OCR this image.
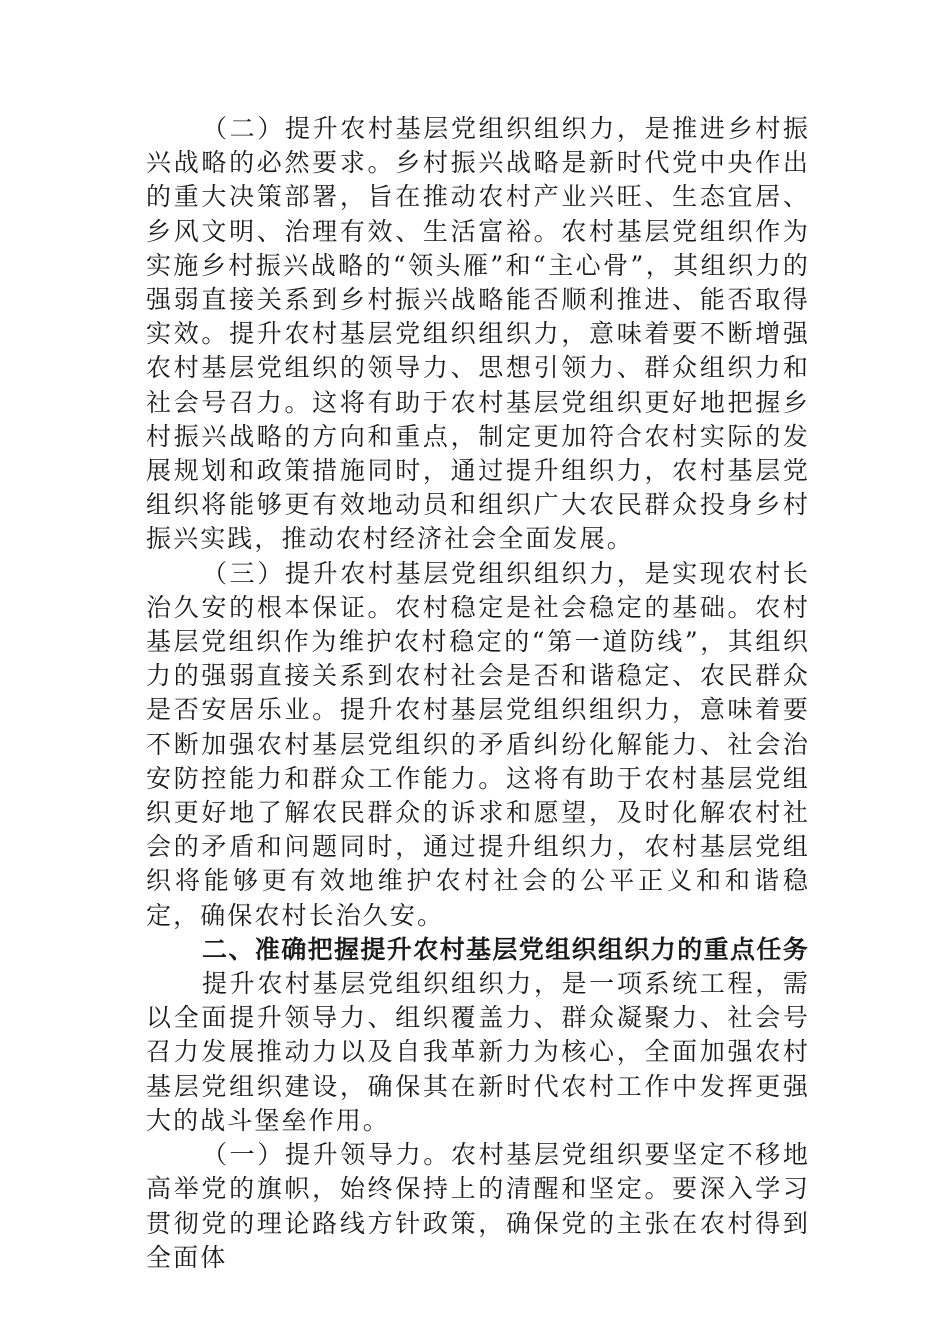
（二）提升农村基层党组织组织力，是推进乡村振兴战略的必然要求。乡村振兴战略是新时代党中央作出的重大决策部署，旨在推动农村产业兴旺、生态宜居、乡风文明、治理有效、生活富裕。农村基层党组织作为实施乡村振兴战略的“领头雁”和“主心骨”，其组织力的强弱直接关系到乡村振兴战略能否顺利推进、能否取得实效。提升农村基层党组织组织力，意味着要不断增强农村基层党组织的领导力、思想引领力、群众组织力和社会号召力。这将有助于农村基层党组织更好地把握乡村振兴战略的方向和重点，制定更加符合农村实际的发展规划和政策措施同时，通过提升组织力，农村基层党组织将能够更有效地动员和组织广大农民群众投身乡村振兴实践，推动农村经济社会全面发展。

（三）提升农村基层党组织组织力，是实现农村长治久安的根本保证。农村稳定是社会稳定的基础。农村基层党组织作为维护农村稳定的“第一道防线”，其组织力的强弱直接关系到农村社会是否和谐稳定、农民群众是否安居乐业。提升农村基层党组织组织力，意味着要不断加强农村基层党组织的矛盾纠纷化解能力、社会治安防控能力和群众工作能力。这将有助于农村基层党组织更好地了解农民群众的诉求和愿望，及时化解农村社会的矛盾和问题同时，通过提升组织力，农村基层党组织将能够更有效地维护农村社会的公平正义和和谐稳定，确保农村长治久安。

二、准确把握提升农村基层党组织组织力的重点任务

提升农村基层党组织组织力，是一项系统工程，需以全面提升领导力、组织覆盖力、群众凝聚力、社会号召力发展推动力以及自我革新力为核心，全面加强农村基层党组织建设，确保其在新时代农村工作中发挥更强大的战斗堡垒作用。

（一）提升领导力。农村基层党组织要坚定不移地高举党的旗帜，始终保持上的清醒和坚定。要深入学习贯彻党的理论路线方针政策，确保党的主张在农村得到全面体
